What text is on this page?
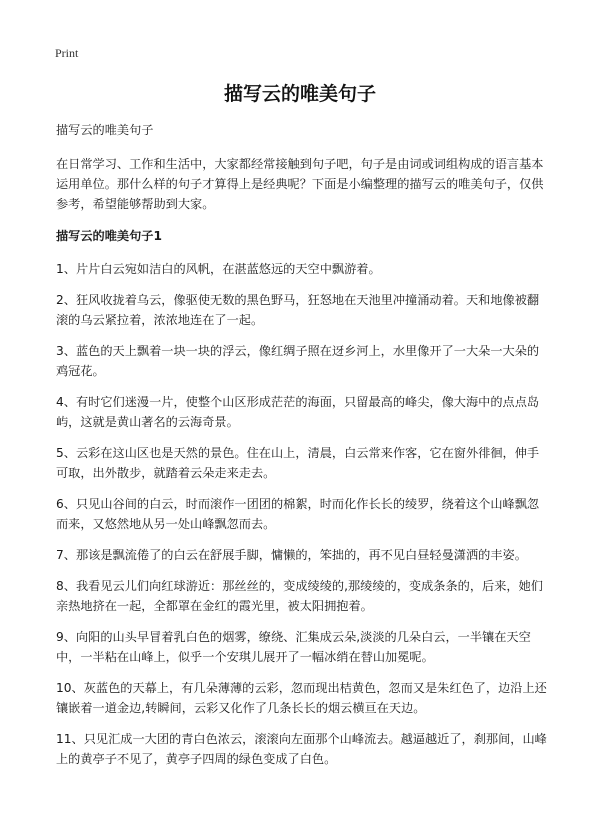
Print
描写云的唯美句子

描写云的唯美句子

在日常学习、工作和生活中，大家都经常接触到句子吧，句子是由词或词组构成的语言基本运用单位。那什么样的句子才算得上是经典呢？下面是小编整理的描写云的唯美句子，仅供参考，希望能够帮助到大家。

描写云的唯美句子1

1、片片白云宛如洁白的风帆，在湛蓝悠远的天空中飘游着。

2、狂风收拢着乌云，像驱使无数的黑色野马，狂怒地在天池里冲撞涌动着。天和地像被翻滚的乌云紧拉着，浓浓地连在了一起。

3、蓝色的天上飘着一块一块的浮云，像红绸子照在迓乡河上，水里像开了一大朵一大朵的鸡冠花。

4、有时它们迷漫一片，使整个山区形成茫茫的海面，只留最高的峰尖，像大海中的点点岛屿，这就是黄山著名的云海奇景。

5、云彩在这山区也是天然的景色。住在山上，清晨，白云常来作客，它在窗外徘徊，伸手可取，出外散步，就踏着云朵走来走去。

6、只见山谷间的白云，时而滚作一团团的棉絮，时而化作长长的绫罗，绕着这个山峰飘忽而来，又悠然地从另一处山峰飘忽而去。

7、那该是飘流倦了的白云在舒展手脚，慵懒的，笨拙的，再不见白昼轻曼潇洒的丰姿。

8、我看见云儿们向红球游近：那丝丝的，变成绫绫的,那绫绫的，变成条条的，后来，她们亲热地挤在一起，全都罩在金红的霞光里，被太阳拥抱着。

9、向阳的山头早冒着乳白色的烟雾，缭绕、汇集成云朵,淡淡的几朵白云，一半镶在天空中，一半粘在山峰上，似乎一个安琪儿展开了一幅冰绡在替山加冕呢。

10、灰蓝色的天幕上，有几朵薄薄的云彩，忽而现出桔黄色，忽而又是朱红色了，边沿上还镶嵌着一道金边,转瞬间，云彩又化作了几条长长的烟云横亘在天边。

11、只见汇成一大团的青白色浓云，滚滚向左面那个山峰流去。越逼越近了，刹那间，山峰上的黄亭子不见了，黄亭子四周的绿色变成了白色。
